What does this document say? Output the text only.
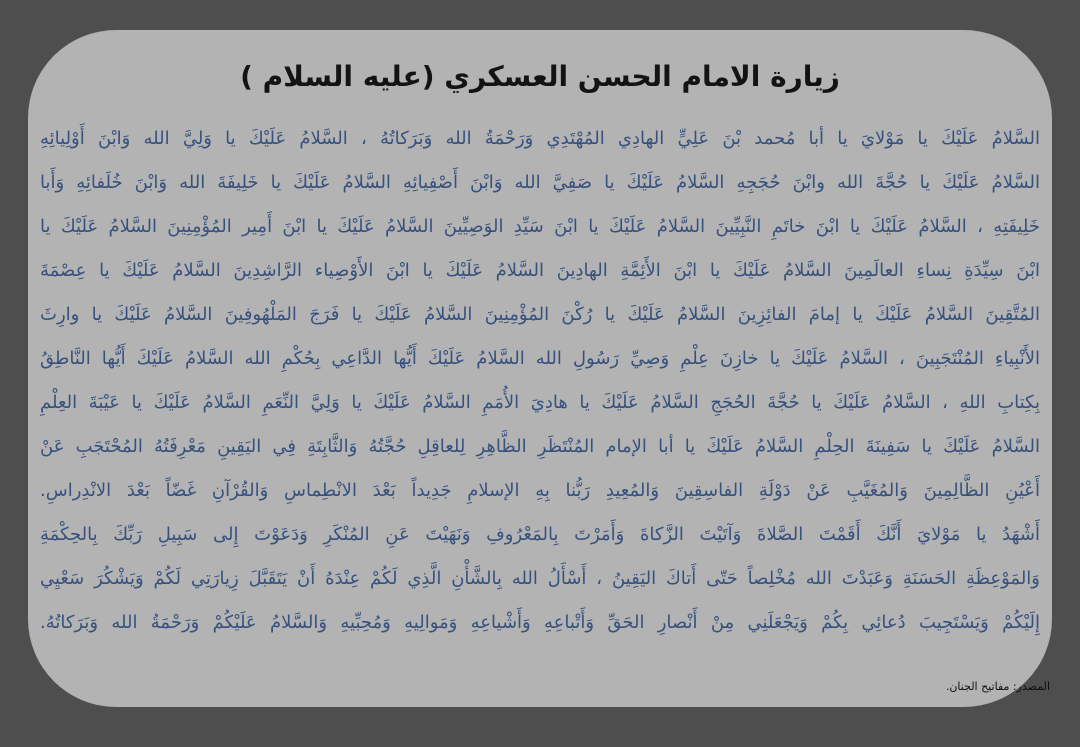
زيارة الامام الحسن العسكري (عليه السلام )

السَّلامُ عَلَيْكَ يا مَوْلايَ يا أبا مُحمد بْنَ عَلِيٍّ الهادِي المُهْتَدِي وَرَحْمَةُ الله وَبَرَكاتُهُ ، السَّلامُ عَلَيْكَ يا وَلِيَّ الله وَابْنَ أَوْلِيائِهِ

السَّلامُ عَلَيْكَ يا حُجَّةَ الله وابْنَ حُجَجِهِ السَّلامُ عَلَيْكَ يا صَفِيَّ الله وَابْنَ أَصْفِيائِهِ السَّلامُ عَلَيْكَ يا خَلِيفَةَ الله وَابْنَ خُلَفائِهِ وَأَبا

خَلِيفَتِهِ ، السَّلامُ عَلَيْكَ يا ابْنَ خاتَمِ النَّبِيِّينَ السَّلامُ عَلَيْكَ يا ابْنَ سَيِّدِ الوَصِيِّينَ السَّلامُ عَلَيْكَ يا ابْنَ أَمِير المُؤْمِنِينَ السَّلامُ عَلَيْكَ يا

ابْنَ سِيِّدَةِ نِساءِ العالَمِينَ السَّلامُ عَلَيْكَ يا ابْنَ الأَئِمَّةِ الهادِينَ السَّلامُ عَلَيْكَ يا ابْنَ الأَوْصِياء الرَّاشِدِينَ السَّلامُ عَلَيْكَ يا عِصْمَةَ

المُتَّقِينَ السَّلامُ عَلَيْكَ يا إمامَ الفائِزِينَ السَّلامُ عَلَيْكَ يا رُكْنَ المُؤْمِنِينَ السَّلامُ عَلَيْكَ يا فَرَجَ المَلْهُوفِينَ السَّلامُ عَلَيْكَ يا وارِثَ

الأَنْبِياءِ المُنْتَجَبِينَ ، السَّلامُ عَلَيْكَ يا خازِنَ عِلْمِ وَصِيِّ رَسُولِ الله السَّلامُ عَلَيْكَ أَيُّها الدَّاعِي بِحُكْمِ الله السَّلامُ عَلَيْكَ أَيُّها النَّاطِقُ

بِكِتابِ اللهِ ، السَّلامُ عَلَيْكَ يا حُجَّةَ الحُجَجِ السَّلامُ عَلَيْكَ يا هادِيَ الأُمَمِ السَّلامُ عَلَيْكَ يا وَلِيَّ النِّعَمِ السَّلامُ عَلَيْكَ يا عَيْبَةَ العِلْمِ

السَّلامُ عَلَيْكَ يا سَفِينَةَ الحِلْمِ السَّلامُ عَلَيْكَ يا أبا الإمام المُنْتَظَرِ الظَّاهِرِ لِلعاقِلِ حُجَّتُهُ وَالثَّابِتَةِ فِي اليَقِينِ مَعْرِفَتُهُ المُحْتَجَبِ عَنْ

أَعْيُنِ الظَّالِمِينَ وَالمُغَيَّبِ عَنْ دَوْلَةِ الفاسِقِينَ وَالمُعِيدِ رَبُّنا بِهِ الإسلامِ جَدِيداً بَعْدَ الانْطِماسِ وَالقُرْآنِ غَضّاً بَعْدَ الانْدِراسِ.

أَشْهَدُ يا مَوْلايَ أَنَّكَ أَقَمْتَ الصَّلاةَ وَآتَيْتَ الزَّكاةَ وَأَمَرْتَ بِالمَعْرُوفِ وَنَهَيْتَ عَنِ المُنْكَرِ وَدَعَوْتَ إِلى سَبِيلِ رَبِّكَ بِالحِكْمَةِ

وَالمَوْعِظَةِ الحَسَنَةِ وَعَبَدْتَ الله مُخْلِصاً حَتّى أَتاكَ اليَقِينُ ، أَسْأَلُ الله بِالشَّأْنِ الَّذِي لَكُمْ عِنْدَهُ أَنْ يَتَقَبَّلَ زِيارَتِي لَكُمْ وَيَشْكُرَ سَعْيِي

إِلَيْكُمْ وَيَسْتَجِيبَ دُعائِي بِكُمْ وَيَجْعَلَنِي مِنْ أَنْصارِ الحَقِّ وَأَتْباعِهِ وَأَشْياعِهِ وَمَوالِيهِ وَمُحِبِّيهِ وَالسَّلامُ عَلَيْكُمْ وَرَحْمَةُ الله وَبَرَكاتُهُ.

المصدر: مفاتيح الجنان.
